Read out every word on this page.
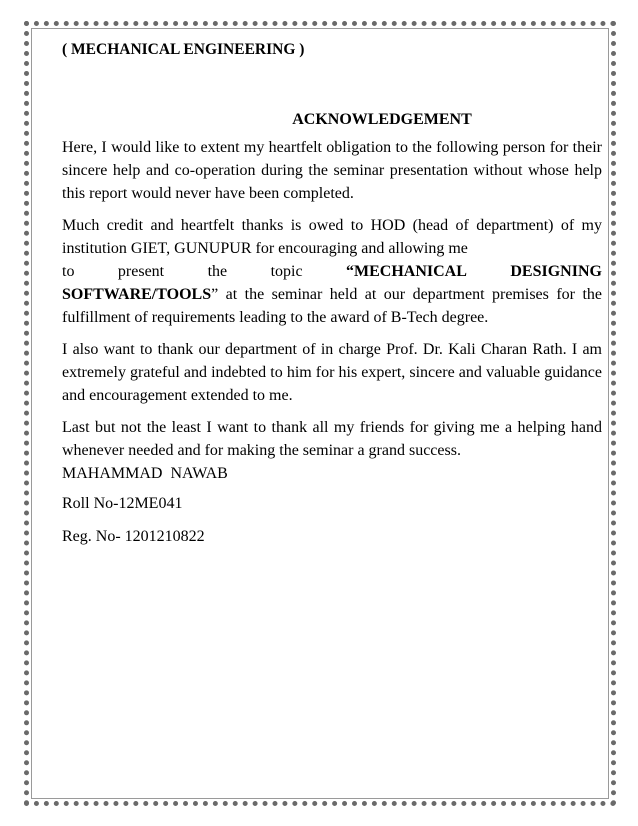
( MECHANICAL ENGINEERING )

ACKNOWLEDGEMENT

Here, I would like to extent my heartfelt obligation to the following person for their sincere help and co-operation during the seminar presentation without whose help this report would never have been completed.

Much credit and heartfelt thanks is owed to HOD (head of department) of my institution GIET, GUNUPUR for encouraging and allowing me
to	present	the	topic	“MECHANICAL	DESIGNING
SOFTWARE/TOOLS” at the seminar held at our department premises for the fulfillment of requirements leading to the award of B-Tech degree.

I also want to thank our department of in charge Prof. Dr. Kali Charan Rath. I am extremely grateful and indebted to him for his expert, sincere and valuable guidance and encouragement extended to me.

Last but not the least I want to thank all my friends for giving me a helping hand whenever needed and for making the seminar a grand success.

MAHAMMAD  NAWAB

Roll No-12ME041

Reg. No- 1201210822
